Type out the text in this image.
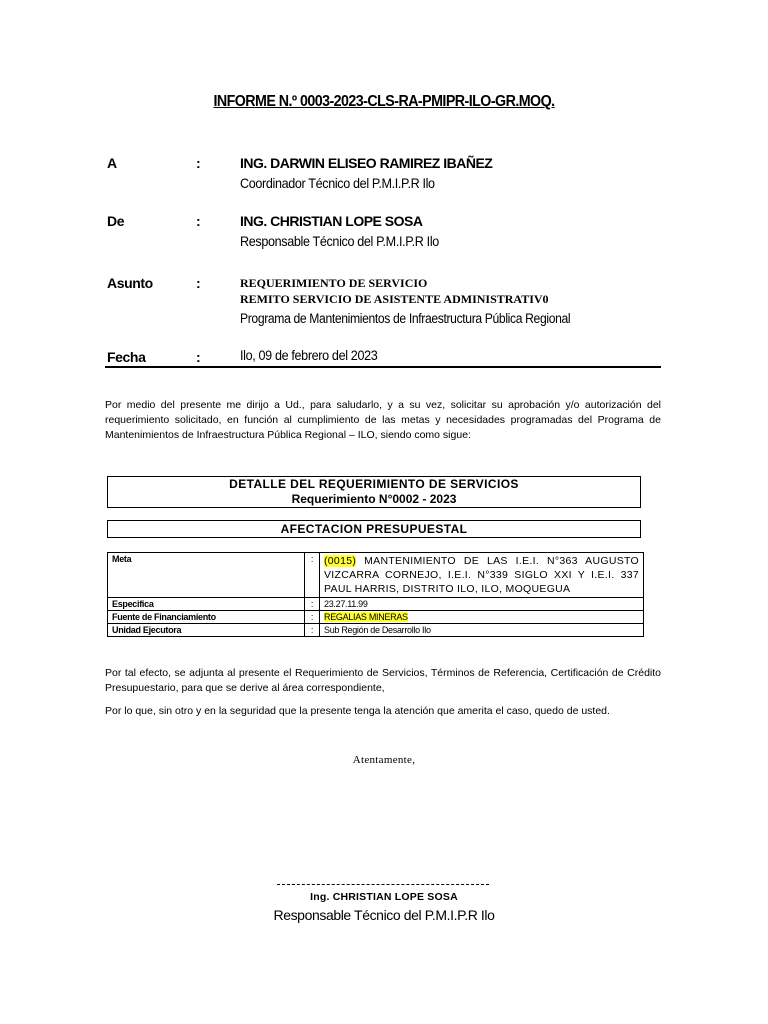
INFORME N.º 0003-2023-CLS-RA-PMIPR-ILO-GR.MOQ.
A	:	ING. DARWIN ELISEO RAMIREZ IBAÑEZ
Coordinador Técnico del P.M.I.P.R Ilo
De	:	ING. CHRISTIAN LOPE SOSA
Responsable Técnico del P.M.I.P.R Ilo
Asunto	:	REQUERIMIENTO DE SERVICIO
REMITO SERVICIO DE ASISTENTE ADMINISTRATIV0
Programa de Mantenimientos de Infraestructura Pública Regional
Fecha	:	Ilo, 09 de febrero del 2023
Por medio del presente me dirijo a Ud., para saludarlo, y a su vez, solicitar su aprobación y/o autorización del requerimiento solicitado, en función al cumplimiento de las metas y necesidades programadas del Programa de Mantenimientos de Infraestructura Pública Regional – ILO, siendo como sigue:
DETALLE DEL REQUERIMIENTO DE SERVICIOS
Requerimiento N°0002 - 2023
AFECTACION PRESUPUESTAL
Meta	:	(0015) MANTENIMIENTO DE LAS I.E.I. N°363 AUGUSTO VIZCARRA CORNEJO, I.E.I. N°339 SIGLO XXI Y I.E.I. 337 PAUL HARRIS, DISTRITO ILO, ILO, MOQUEGUA
Especifica	:	23.27.11.99
Fuente de Financiamiento	:	REGALIAS MINERAS
Unidad Ejecutora	:	Sub Región de Desarrollo Ilo
Por tal efecto, se adjunta al presente el Requerimiento de Servicios, Términos de Referencia, Certificación de Crédito Presupuestario, para que se derive al área correspondiente,
Por lo que, sin otro y en la seguridad que la presente tenga la atención que amerita el caso, quedo de usted.
Atentamente,
Ing. CHRISTIAN LOPE SOSA
Responsable Técnico del P.M.I.P.R Ilo
